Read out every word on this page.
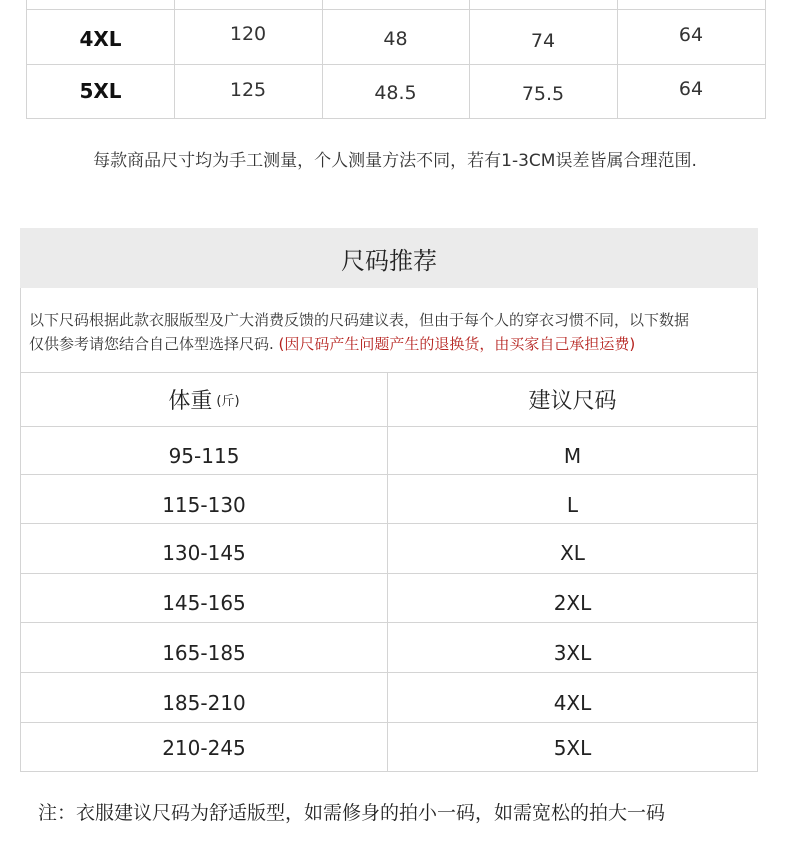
4XL	120	48	74	64
5XL	125	48.5	75.5	64
每款商品尺寸均为手工测量，个人测量方法不同，若有1-3CM误差皆属合理范围.
尺码推荐
以下尺码根据此款衣服版型及广大消费反馈的尺码建议表，但由于每个人的穿衣习惯不同，以下数据
仅供参考请您结合自己体型选择尺码. (因尺码产生问题产生的退换货，由买家自己承担运费)
体重 (斤)	建议尺码
95-115	M
115-130	L
130-145	XL
145-165	2XL
165-185	3XL
185-210	4XL
210-245	5XL
注：衣服建议尺码为舒适版型，如需修身的拍小一码，如需宽松的拍大一码
